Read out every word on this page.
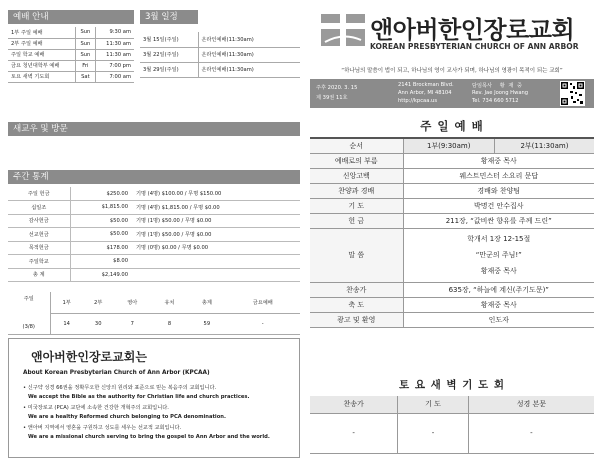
예배 안내
1부 주일 예배	Sun	9:30 am
2부 주일 예배	Sun	11:30 am
주일 학교 예배	Sun	11:30 am
금요 청년대학부 예배	Fri	7:00 pm
토요 새벽 기도회	Sat	7:00 am
3월 일정
3월 15일(주일)	온라인예배(11:30am)
3월 22일(주일)	온라인예배(11:30am)
3월 29일(주일)	온라인예배(11:30am)
새교우 및 방문
주간 통계
주일 헌금	$250.00	기명 (4명) $100.00 / 무명 $150.00
십일조	$1,815.00	기명 (4명) $1,815.00 / 무명 $0.00
감사헌금	$50.00	기명 (1명) $50.00 / 무명 $0.00
선교헌금	$50.00	기명 (1명) $50.00 / 무명 $0.00
목적헌금	$178.00	기명 (0명) $0.00 / 무명 $0.00
주일학교	$8.00	
총 계	$2,149.00	
주일

(3/8)	1부	2부	영아	유치	총계	금요예배
	14	30	7	8	59	-
앤아버한인장로교회는
About Korean Presbyterian Church of Ann Arbor (KPCAA)
• 신구약 성경 66권을 정확무오한 신앙의 원리와 표준으로 믿는 복음주의 교회입니다.
We accept the Bible as the authority for Christian life and church practices.
• 미국장로교 (PCA) 교단에 소속한 건강한 개혁주의 교회입니다.
We are a healthy Reformed church belonging to PCA denomination.
• 앤아버 지역에서 영혼을 구원하고 성도를 세우는 선교적 교회입니다.
We are a missional church serving to bring the gospel to Ann Arbor and the world.
앤아버한인장로교회
KOREAN PRESBYTERIAN CHURCH OF ANN ARBOR
“하나님의 말씀이 법이 되고, 하나님의 영이 교사가 되며, 하나님의 영광이 목적이 되는 교회”
주후 2020. 3. 15
제 39권 11호
2141 Brockman Blvd.
Ann Arbor, MI 48104
http://kpcaa.us
담임목사 황 재 중
Rev. Jae Joong Hwang
Tel. 734 660 5712
주 일 예 배
순서	1부(9:30am)	2부(11:30am)
예배로의 부름	황재중 목사	
신앙고백	웨스트민스터 소요리 문답	
찬양과 경배	경배와 찬양팀	
기 도	박명건 안수집사	
헌 금	211장, “값비싼 향유를 주께 드린”	
말 씀	학개서 1장 12-15절
“만군의 주님!”
황재중 목사	

찬송가	635장, “하늘에 계신(주기도문)”	
축 도	황재중 목사	
광고 및 환영	인도자	
토 요 새 벽 기 도 회
찬송가	기 도	성경 본문
-	-	-
